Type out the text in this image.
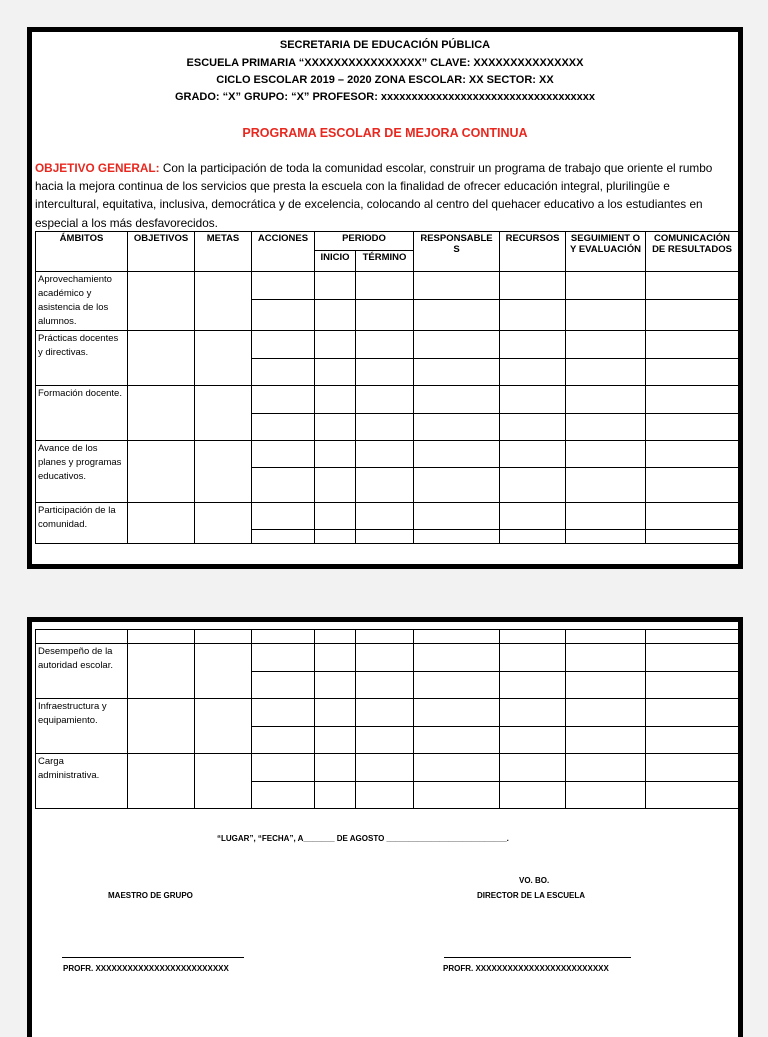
SECRETARIA DE EDUCACIÓN PÚBLICA
ESCUELA PRIMARIA “XXXXXXXXXXXXXXXX” CLAVE: XXXXXXXXXXXXXXX
CICLO ESCOLAR 2019 – 2020 ZONA ESCOLAR: XX SECTOR: XX
GRADO: “X” GRUPO: “X” PROFESOR: xxxxxxxxxxxxxxxxxxxxxxxxxxxxxxxxxxx
PROGRAMA ESCOLAR DE MEJORA CONTINUA
OBJETIVO GENERAL: Con la participación de toda la comunidad escolar, construir un programa de trabajo que oriente el rumbo hacia la mejora continua de los servicios que presta la escuela con la finalidad de ofrecer educación integral, plurilingüe e intercultural, equitativa, inclusiva, democrática y de excelencia, colocando al centro del quehacer educativo a los estudiantes en especial a los más desfavorecidos.
ÁMBITOS	OBJETIVOS	METAS	ACCIONES	PERIODO		RESPONSABLE S	RECURSOS	SEGUIMIENT O Y EVALUACIÓN	COMUNICACIÓN DE RESULTADOS
				INICIO	TÉRMINO				
Aprovechamiento académico y asistencia de los alumnos.									

Prácticas docentes y directivas.									

Formación docente.									

Avance de los planes y programas educativos.									

Participación de la comunidad.									

Desempeño de la autoridad escolar.									

Infraestructura y equipamiento.									

Carga administrativa.									

“LUGAR”, “FECHA”, A_______ DE AGOSTO ___________________________.
VO. BO.
MAESTRO DE GRUPO	DIRECTOR DE LA ESCUELA
PROFR. XXXXXXXXXXXXXXXXXXXXXXXXX	PROFR. XXXXXXXXXXXXXXXXXXXXXXXXX
